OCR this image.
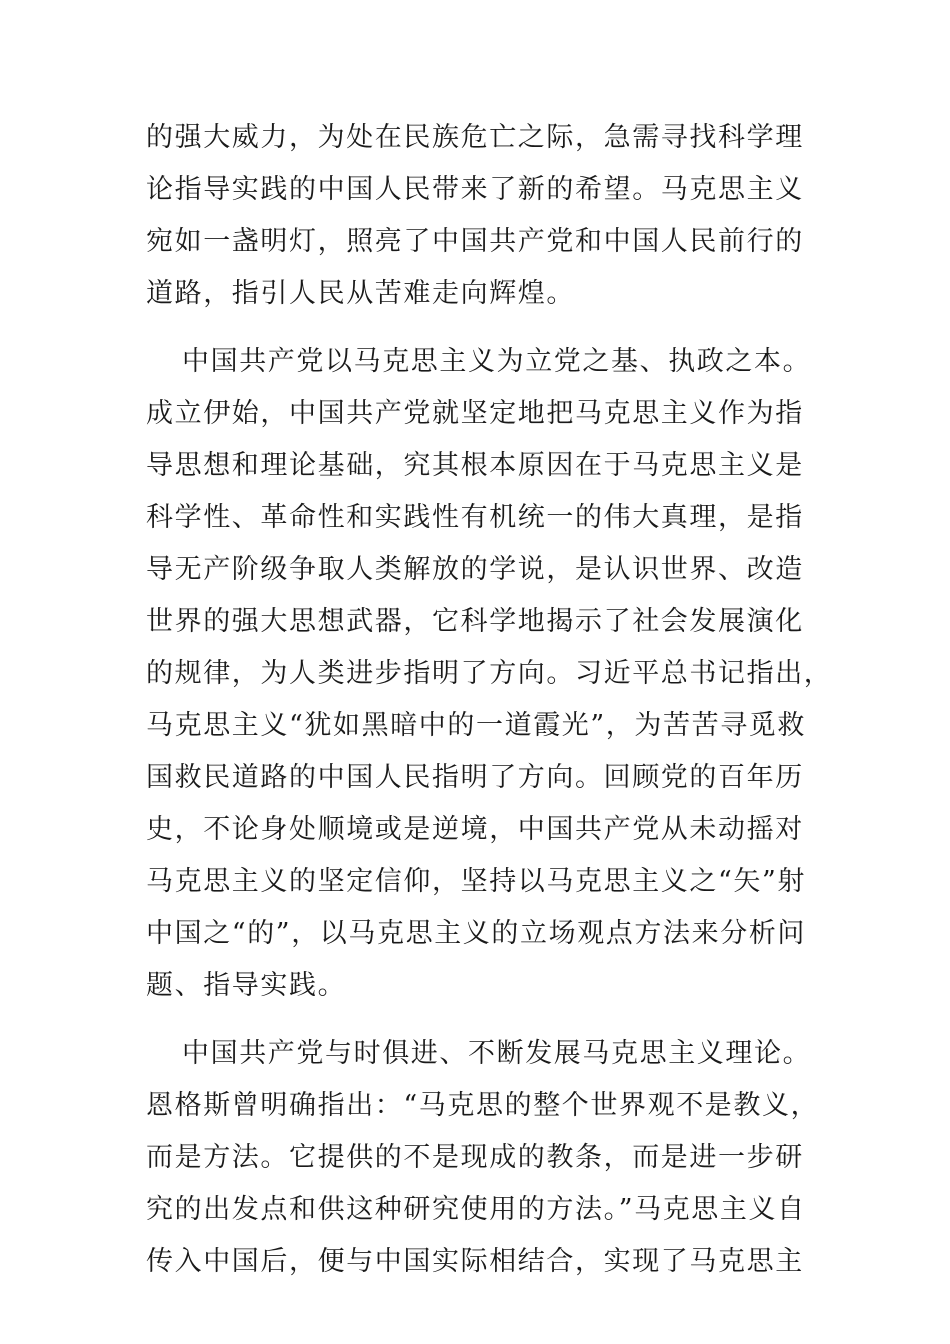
的强大威力，为处在民族危亡之际，急需寻找科学理
论指导实践的中国人民带来了新的希望。马克思主义
宛如一盏明灯，照亮了中国共产党和中国人民前行的
道路，指引人民从苦难走向辉煌。
中国共产党以马克思主义为立党之基、执政之本。
成立伊始，中国共产党就坚定地把马克思主义作为指
导思想和理论基础，究其根本原因在于马克思主义是
科学性、革命性和实践性有机统一的伟大真理，是指
导无产阶级争取人类解放的学说，是认识世界、改造
世界的强大思想武器，它科学地揭示了社会发展演化
的规律，为人类进步指明了方向。习近平总书记指出，
马克思主义“犹如黑暗中的一道霞光”，为苦苦寻觅救
国救民道路的中国人民指明了方向。回顾党的百年历
史，不论身处顺境或是逆境，中国共产党从未动摇对
马克思主义的坚定信仰，坚持以马克思主义之“矢”射
中国之“的”，以马克思主义的立场观点方法来分析问
题、指导实践。
中国共产党与时俱进、不断发展马克思主义理论。
恩格斯曾明确指出：“马克思的整个世界观不是教义，
而是方法。它提供的不是现成的教条，而是进一步研
究的出发点和供这种研究使用的方法。”马克思主义自
传入中国后，便与中国实际相结合，实现了马克思主
